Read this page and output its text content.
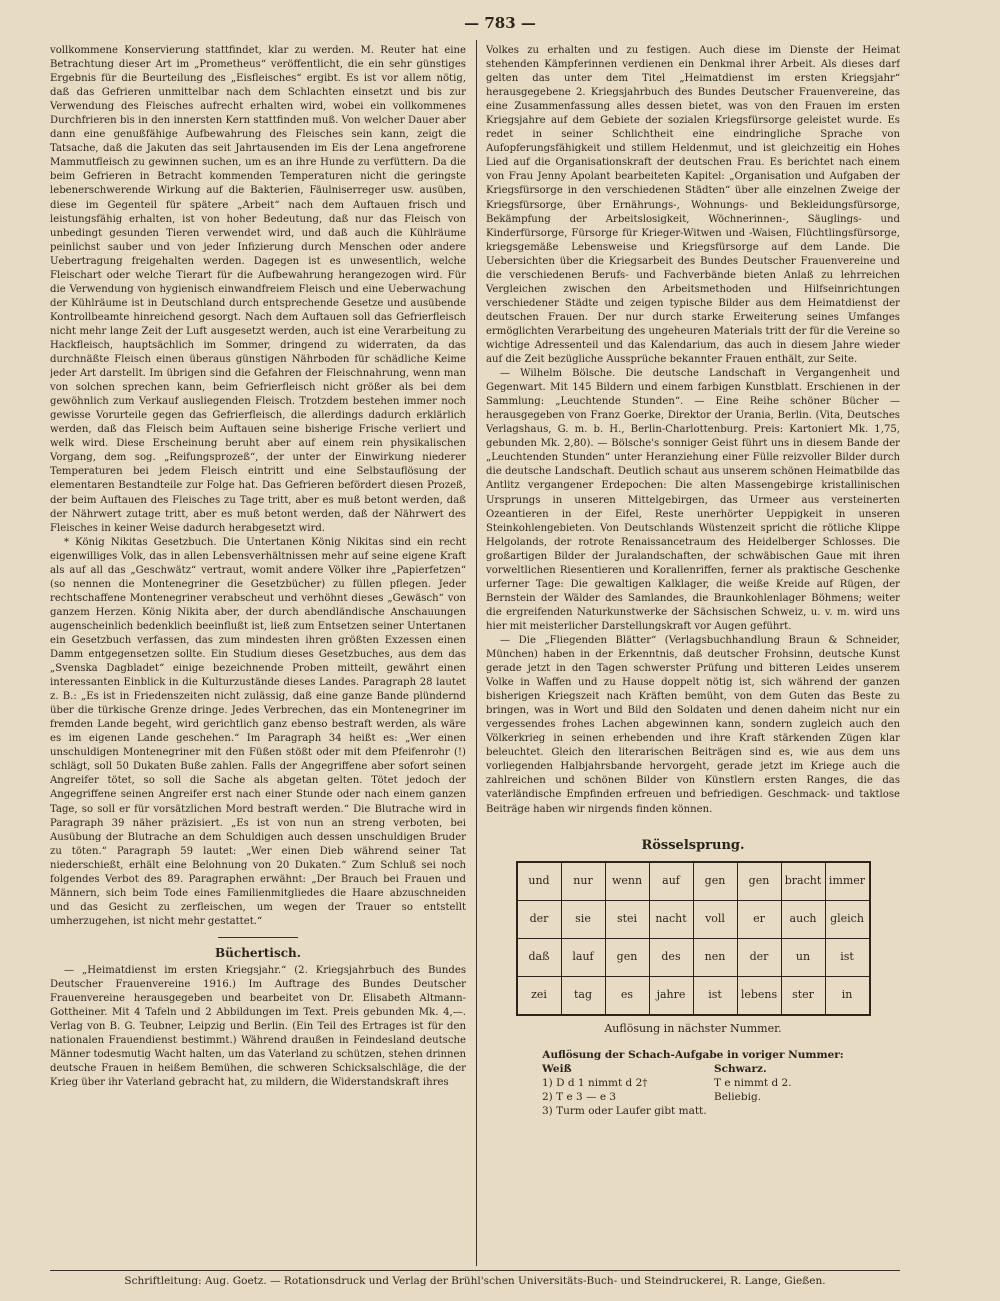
— 783 —

vollkommene Konservierung stattfindet, klar zu werden. M. Reuter hat eine Betrachtung dieser Art im „Prometheus“ veröffentlicht, die ein sehr günstiges Ergebnis für die Beurteilung des „Eisfleisches“ ergibt. Es ist vor allem nötig, daß das Gefrieren unmittelbar nach dem Schlachten einsetzt und bis zur Verwendung des Fleisches aufrecht erhalten wird, wobei ein vollkommenes Durchfrieren bis in den innersten Kern stattfinden muß. Von welcher Dauer aber dann eine genußfähige Aufbewahrung des Fleisches sein kann, zeigt die Tatsache, daß die Jakuten das seit Jahrtausenden im Eis der Lena angefrorene Mammutfleisch zu gewinnen suchen, um es an ihre Hunde zu verfüttern. Da die beim Gefrieren in Betracht kommenden Temperaturen nicht die geringste lebenerschwerende Wirkung auf die Bakterien, Fäulniserreger usw. ausüben, diese im Gegenteil für spätere „Arbeit“ nach dem Auftauen frisch und leistungsfähig erhalten, ist von hoher Bedeutung, daß nur das Fleisch von unbedingt gesunden Tieren verwendet wird, und daß auch die Kühlräume peinlichst sauber und von jeder Infizierung durch Menschen oder andere Uebertragung freigehalten werden. Dagegen ist es unwesentlich, welche Fleischart oder welche Tierart für die Aufbewahrung herangezogen wird. Für die Verwendung von hygienisch einwandfreiem Fleisch und eine Ueberwachung der Kühlräume ist in Deutschland durch entsprechende Gesetze und ausübende Kontrollbeamte hinreichend gesorgt. Nach dem Auftauen soll das Gefrierfleisch nicht mehr lange Zeit der Luft ausgesetzt werden, auch ist eine Verarbeitung zu Hackfleisch, hauptsächlich im Sommer, dringend zu widerraten, da das durchnäßte Fleisch einen überaus günstigen Nährboden für schädliche Keime jeder Art darstellt. Im übrigen sind die Gefahren der Fleischnahrung, wenn man von solchen sprechen kann, beim Gefrierfleisch nicht größer als bei dem gewöhnlich zum Verkauf ausliegenden Fleisch. Trotzdem bestehen immer noch gewisse Vorurteile gegen das Gefrierfleisch, die allerdings dadurch erklärlich werden, daß das Fleisch beim Auftauen seine bisherige Frische verliert und welk wird. Diese Erscheinung beruht aber auf einem rein physikalischen Vorgang, dem sog. „Reifungsprozeß“, der unter der Einwirkung niederer Temperaturen bei jedem Fleisch eintritt und eine Selbstauflösung der elementaren Bestandteile zur Folge hat. Das Gefrieren befördert diesen Prozeß, der beim Auftauen des Fleisches zu Tage tritt, aber es muß betont werden, daß der Nährwert zutage tritt, aber es muß betont werden, daß der Nährwert des Fleisches in keiner Weise dadurch herabgesetzt wird.

* König Nikitas Gesetzbuch. Die Untertanen König Nikitas sind ein recht eigenwilliges Volk, das in allen Lebensverhältnissen mehr auf seine eigene Kraft als auf all das „Geschwätz“ vertraut, womit andere Völker ihre „Papierfetzen“ (so nennen die Montenegriner die Gesetzbücher) zu füllen pflegen. Jeder rechtschaffene Montenegriner verabscheut und verhöhnt dieses „Gewäsch“ von ganzem Herzen. König Nikita aber, der durch abendländische Anschauungen augenscheinlich bedenklich beeinflußt ist, ließ zum Entsetzen seiner Untertanen ein Gesetzbuch verfassen, das zum mindesten ihren größten Exzessen einen Damm entgegensetzen sollte. Ein Studium dieses Gesetzbuches, aus dem das „Svenska Dagbladet“ einige bezeichnende Proben mitteilt, gewährt einen interessanten Einblick in die Kulturzustände dieses Landes. Paragraph 28 lautet z. B.: „Es ist in Friedenszeiten nicht zulässig, daß eine ganze Bande plündernd über die türkische Grenze dringe. Jedes Verbrechen, das ein Montenegriner im fremden Lande begeht, wird gerichtlich ganz ebenso bestraft werden, als wäre es im eigenen Lande geschehen.“ Im Paragraph 34 heißt es: „Wer einen unschuldigen Montenegriner mit den Füßen stößt oder mit dem Pfeifenrohr (!) schlägt, soll 50 Dukaten Buße zahlen. Falls der Angegriffene aber sofort seinen Angreifer tötet, so soll die Sache als abgetan gelten. Tötet jedoch der Angegriffene seinen Angreifer erst nach einer Stunde oder nach einem ganzen Tage, so soll er für vorsätzlichen Mord bestraft werden.“ Die Blutrache wird in Paragraph 39 näher präzisiert. „Es ist von nun an streng verboten, bei Ausübung der Blutrache an dem Schuldigen auch dessen unschuldigen Bruder zu töten.“ Paragraph 59 lautet: „Wer einen Dieb während seiner Tat niederschießt, erhält eine Belohnung von 20 Dukaten.“ Zum Schluß sei noch folgendes Verbot des 89. Paragraphen erwähnt: „Der Brauch bei Frauen und Männern, sich beim Tode eines Familienmitgliedes die Haare abzuschneiden und das Gesicht zu zerfleischen, um wegen der Trauer so entstellt umherzugehen, ist nicht mehr gestattet.“

Büchertisch.

— „Heimatdienst im ersten Kriegsjahr.“ (2. Kriegsjahrbuch des Bundes Deutscher Frauenvereine 1916.) Im Auftrage des Bundes Deutscher Frauenvereine herausgegeben und bearbeitet von Dr. Elisabeth Altmann-Gottheiner. Mit 4 Tafeln und 2 Abbildungen im Text. Preis gebunden Mk. 4,—. Verlag von B. G. Teubner, Leipzig und Berlin. (Ein Teil des Ertrages ist für den nationalen Frauendienst bestimmt.) Während draußen in Feindesland deutsche Männer todesmutig Wacht halten, um das Vaterland zu schützen, stehen drinnen deutsche Frauen in heißem Bemühen, die schweren Schicksalschläge, die der Krieg über ihr Vaterland gebracht hat, zu mildern, die Widerstandskraft ihres

Volkes zu erhalten und zu festigen. Auch diese im Dienste der Heimat stehenden Kämpferinnen verdienen ein Denkmal ihrer Arbeit. Als dieses darf gelten das unter dem Titel „Heimatdienst im ersten Kriegsjahr“ herausgegebene 2. Kriegsjahrbuch des Bundes Deutscher Frauenvereine, das eine Zusammenfassung alles dessen bietet, was von den Frauen im ersten Kriegsjahre auf dem Gebiete der sozialen Kriegsfürsorge geleistet wurde. Es redet in seiner Schlichtheit eine eindringliche Sprache von Aufopferungsfähigkeit und stillem Heldenmut, und ist gleichzeitig ein Hohes Lied auf die Organisationskraft der deutschen Frau. Es berichtet nach einem von Frau Jenny Apolant bearbeiteten Kapitel: „Organisation und Aufgaben der Kriegsfürsorge in den verschiedenen Städten“ über alle einzelnen Zweige der Kriegsfürsorge, über Ernährungs-, Wohnungs- und Bekleidungsfürsorge, Bekämpfung der Arbeitslosigkeit, Wöchnerinnen-, Säuglings- und Kinderfürsorge, Fürsorge für Krieger-Witwen und -Waisen, Flüchtlingsfürsorge, kriegsgemäße Lebensweise und Kriegsfürsorge auf dem Lande. Die Uebersichten über die Kriegsarbeit des Bundes Deutscher Frauenvereine und die verschiedenen Berufs- und Fachverbände bieten Anlaß zu lehrreichen Vergleichen zwischen den Arbeitsmethoden und Hilfseinrichtungen verschiedener Städte und zeigen typische Bilder aus dem Heimatdienst der deutschen Frauen. Der nur durch starke Erweiterung seines Umfanges ermöglichten Verarbeitung des ungeheuren Materials tritt der für die Vereine so wichtige Adressenteil und das Kalendarium, das auch in diesem Jahre wieder auf die Zeit bezügliche Aussprüche bekannter Frauen enthält, zur Seite.

— Wilhelm Bölsche. Die deutsche Landschaft in Vergangenheit und Gegenwart. Mit 145 Bildern und einem farbigen Kunstblatt. Erschienen in der Sammlung: „Leuchtende Stunden“. — Eine Reihe schöner Bücher — herausgegeben von Franz Goerke, Direktor der Urania, Berlin. (Vita, Deutsches Verlagshaus, G. m. b. H., Berlin-Charlottenburg. Preis: Kartoniert Mk. 1,75, gebunden Mk. 2,80). — Bölsche's sonniger Geist führt uns in diesem Bande der „Leuchtenden Stunden“ unter Heranziehung einer Fülle reizvoller Bilder durch die deutsche Landschaft. Deutlich schaut aus unserem schönen Heimatbilde das Antlitz vergangener Erdepochen: Die alten Massengebirge kristallinischen Ursprungs in unseren Mittelgebirgen, das Urmeer aus versteinerten Ozeantieren in der Eifel, Reste unerhörter Ueppigkeit in unseren Steinkohlengebieten. Von Deutschlands Wüstenzeit spricht die rötliche Klippe Helgolands, der rotrote Renaissancetraum des Heidelberger Schlosses. Die großartigen Bilder der Juralandschaften, der schwäbischen Gaue mit ihren vorweltlichen Riesentieren und Korallenriffen, ferner als praktische Geschenke urferner Tage: Die gewaltigen Kalklager, die weiße Kreide auf Rügen, der Bernstein der Wälder des Samlandes, die Braunkohlenlager Böhmens; weiter die ergreifenden Naturkunstwerke der Sächsischen Schweiz, u. v. m. wird uns hier mit meisterlicher Darstellungskraft vor Augen geführt.

— Die „Fliegenden Blätter“ (Verlagsbuchhandlung Braun & Schneider, München) haben in der Erkenntnis, daß deutscher Frohsinn, deutsche Kunst gerade jetzt in den Tagen schwerster Prüfung und bitteren Leides unserem Volke in Waffen und zu Hause doppelt nötig ist, sich während der ganzen bisherigen Kriegszeit nach Kräften bemüht, von dem Guten das Beste zu bringen, was in Wort und Bild den Soldaten und denen daheim nicht nur ein vergessendes frohes Lachen abgewinnen kann, sondern zugleich auch den Völkerkrieg in seinen erhebenden und ihre Kraft stärkenden Zügen klar beleuchtet. Gleich den literarischen Beiträgen sind es, wie aus dem uns vorliegenden Halbjahrsbande hervorgeht, gerade jetzt im Kriege auch die zahlreichen und schönen Bilder von Künstlern ersten Ranges, die das vaterländische Empfinden erfreuen und befriedigen. Geschmack- und taktlose Beiträge haben wir nirgends finden können.

Rösselsprung.
und	nur	wenn	auf	gen	gen	bracht	immer
der	sie	stei	nacht	voll	er	auch	gleich
daß	lauf	gen	des	nen	der	un	ist
zei	tag	es	jahre	ist	lebens	ster	in
Auflösung in nächster Nummer.
Auflösung der Schach-Aufgabe in voriger Nummer:
Weiß	Schwarz.
1) D d 1 nimmt d 2†	T e nimmt d 2.
2) T e 3 — e 3	Beliebig.
3) Turm oder Laufer gibt matt.
Schriftleitung: Aug. Goetz. — Rotationsdruck und Verlag der Brühl'schen Universitäts-Buch- und Steindruckerei, R. Lange, Gießen.
